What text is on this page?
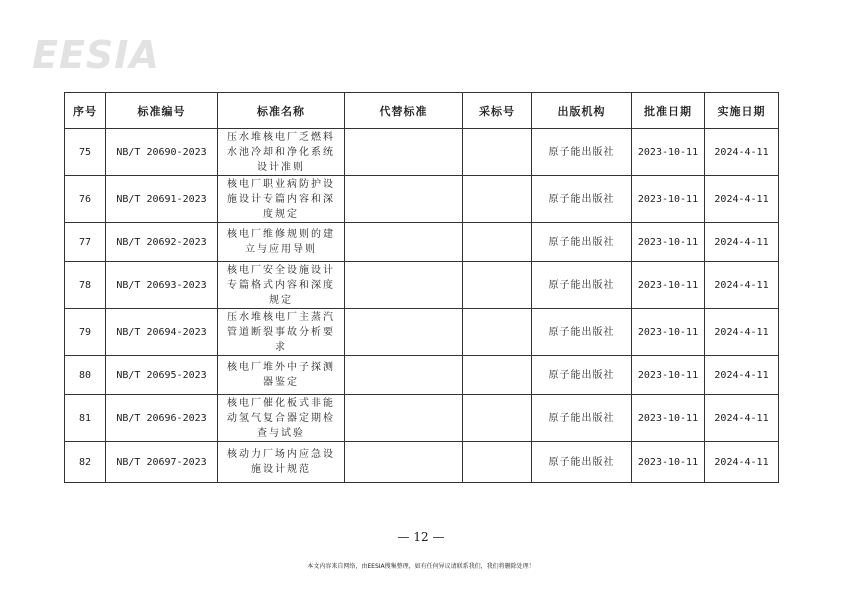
EESIA
序号	标准编号	标准名称	代替标准	采标号	出版机构	批准日期	实施日期
75	NB/T 20690-2023	压水堆核电厂乏燃料水池冷却和净化系统设计准则			原子能出版社	2023-10-11	2024-4-11
76	NB/T 20691-2023	核电厂职业病防护设施设计专篇内容和深度规定			原子能出版社	2023-10-11	2024-4-11
77	NB/T 20692-2023	核电厂维修规则的建立与应用导则			原子能出版社	2023-10-11	2024-4-11
78	NB/T 20693-2023	核电厂安全设施设计专篇格式内容和深度规定			原子能出版社	2023-10-11	2024-4-11
79	NB/T 20694-2023	压水堆核电厂主蒸汽管道断裂事故分析要求			原子能出版社	2023-10-11	2024-4-11
80	NB/T 20695-2023	核电厂堆外中子探测器鉴定			原子能出版社	2023-10-11	2024-4-11
81	NB/T 20696-2023	核电厂催化板式非能动氢气复合器定期检查与试验			原子能出版社	2023-10-11	2024-4-11
82	NB/T 20697-2023	核动力厂场内应急设施设计规范			原子能出版社	2023-10-11	2024-4-11
— 12 —
本文内容来自网络，由EESIA搜集整理，如有任何异议请联系我们，我们将删除处理！
